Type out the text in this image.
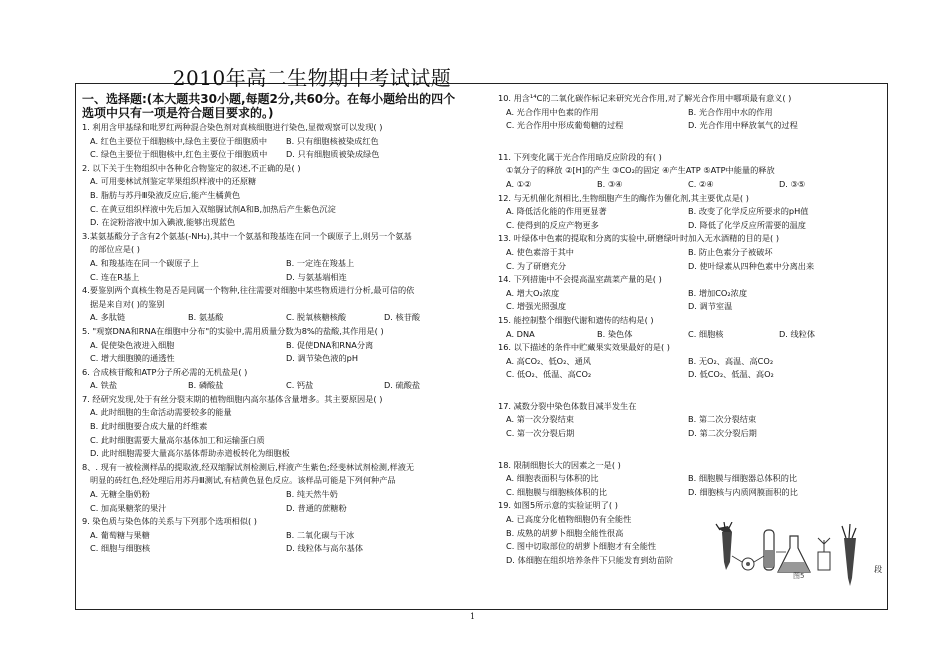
2010年高二生物期中考试试题
一、选择题:(本大题共30小题,每题2分,共60分。在每小题给出的四个
选项中只有一项是符合题目要求的。)
1. 利用含甲基绿和吡罗红两种混合染色剂对真核细胞进行染色,显微观察可以发现( )
A. 红色主要位于细胞核中,绿色主要位于细胞质中	B. 只有细胞核被染成红色
C. 绿色主要位于细胞核中,红色主要位于细胞质中	D. 只有细胞质被染成绿色
2. 以下关于生物组织中各种化合物鉴定的叙述,不正确的是( )
A. 可用斐林试剂鉴定苹果组织样液中的还原糖
B. 脂肪与苏丹Ⅲ染液反应后,能产生橘黄色
C. 在黄豆组织样液中先后加入双缩脲试剂A和B,加热后产生紫色沉淀
D. 在淀粉溶液中加入碘液,能够出现蓝色
3.某氨基酸分子含有2个氨基(-NH₂),其中一个氨基和羧基连在同一个碳原子上,则另一个氨基
的部位应是( )
A. 和羧基连在同一个碳原子上	B. 一定连在羧基上
C. 连在R基上	D. 与氨基端相连
4.要鉴别两个真核生物是否是同属一个物种,往往需要对细胞中某些物质进行分析,最可信的依
据是来自对( )的鉴别
A. 多肽链	B. 氨基酸	C. 脱氧核糖核酸	D. 核苷酸
5. "观察DNA和RNA在细胞中分布"的实验中,需用质量分数为8%的盐酸,其作用是( )
A. 促使染色液进入细胞	B. 促使DNA和RNA分离
C. 增大细胞膜的通透性	D. 调节染色液的pH
6. 合成核苷酸和ATP分子所必需的无机盐是( )
A. 铁盐	B. 磷酸盐	C. 钙盐	D. 硫酸盐
7. 经研究发现,处于有丝分裂末期的植物细胞内高尔基体含量增多。其主要原因是( )
A. 此时细胞的生命活动需要较多的能量
B. 此时细胞要合成大量的纤维素
C. 此时细胞需要大量高尔基体加工和运输蛋白质
D. 此时细胞需要大量高尔基体帮助赤道板转化为细胞板
8、. 现有一被检测样品的提取液,经双缩脲试剂检测后,样液产生紫色;经斐林试剂检测,样液无
明显的砖红色,经处理后用苏丹Ⅲ测试,有桔黄色显色反应。该样品可能是下列何种产品
A. 无糖全脂奶粉	B. 纯天然牛奶
C. 加高果糖浆的果汁	D. 普通的蔗糖粉
9. 染色质与染色体的关系与下列那个选项相似( )
A. 葡萄糖与果糖	B. 二氧化碳与干冰
C. 细胞与细胞核	D. 线粒体与高尔基体
10. 用含¹⁴C的二氧化碳作标记来研究光合作用,对了解光合作用中哪项最有意义( )
A. 光合作用中色素的作用	B. 光合作用中水的作用
C. 光合作用中形成葡萄糖的过程	D. 光合作用中释放氧气的过程
11. 下列变化属于光合作用暗反应阶段的有( )
①氧分子的释放 ②[H]的产生 ③CO₂的固定 ④产生ATP ⑤ATP中能量的释放
A. ①②	B. ③④	C. ②④	D. ③⑤
12. 与无机催化剂相比,生物细胞产生的酶作为催化剂,其主要优点是( )
A. 降低活化能的作用更显著	B. 改变了化学反应所要求的pH值
C. 使得到的反应产物更多	D. 降低了化学反应所需要的温度
13. 叶绿体中色素的提取和分离的实验中,研磨绿叶时加入无水酒精的目的是( )
A. 使色素溶于其中	B. 防止色素分子被破坏
C. 为了研磨充分	D. 使叶绿素从四种色素中分离出来
14. 下列措施中不会提高温室蔬菜产量的是( )
A. 增大O₂浓度	B. 增加CO₂浓度
C. 增强光照强度	D. 调节室温
15. 能控制整个细胞代谢和遗传的结构是( )
A. DNA	B. 染色体	C. 细胞核	D. 线粒体
16. 以下描述的条件中贮藏果实效果最好的是( )
A. 高CO₂、低O₂、通风	B. 无O₂、高温、高CO₂
C. 低O₂、低温、高CO₂	D. 低CO₂、低温、高O₂
17. 减数分裂中染色体数目减半发生在
A. 第一次分裂结束	B. 第二次分裂结束
C. 第一次分裂后期	D. 第二次分裂后期
18. 限制细胞长大的因素之一是( )
A. 细胞表面积与体积的比	B. 细胞膜与细胞器总体积的比
C. 细胞膜与细胞核体积的比	D. 细胞核与内质网膜面积的比
19. 如图5所示意的实验证明了( )
A. 已高度分化植物细胞仍有全能性
B. 成熟的胡萝卜细胞全能性很高
C. 图中切取部位的胡萝卜细胞才有全能性
D. 体细胞在组织培养条件下只能发育到幼苗阶
图5
段
1
